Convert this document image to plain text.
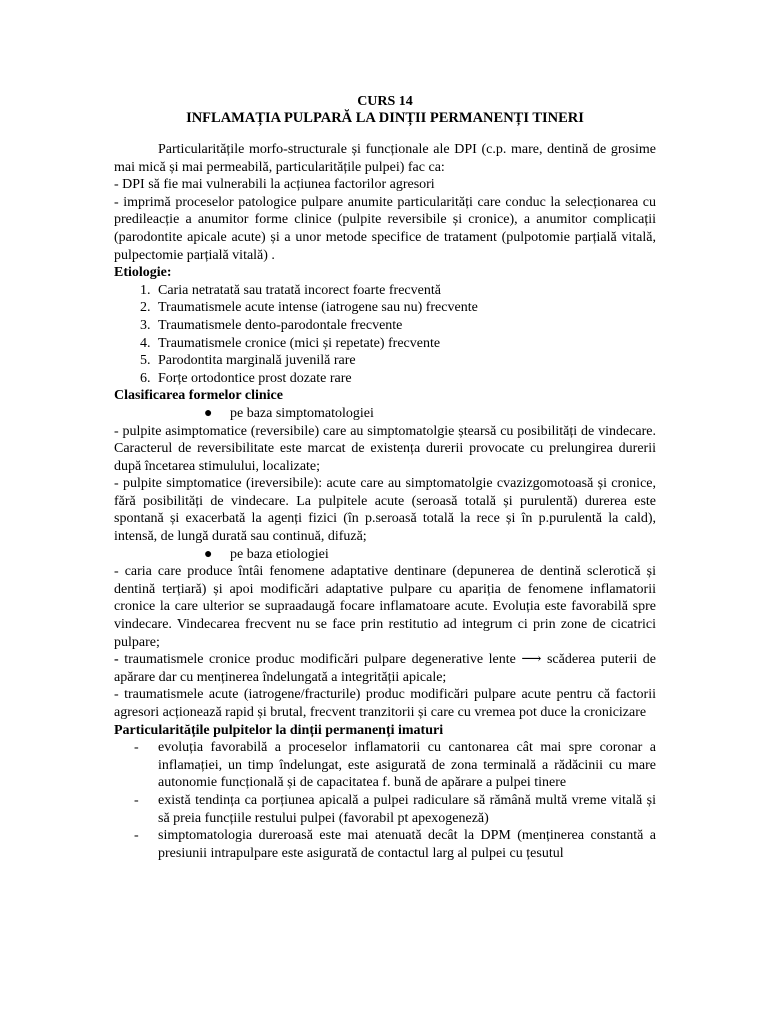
CURS 14
INFLAMAȚIA PULPARĂ LA DINȚII PERMANENȚI TINERI
Particularitățile morfo-structurale și funcționale ale DPI (c.p. mare, dentină de grosime mai mică și mai permeabilă, particularitățile pulpei) fac ca:
- DPI să fie mai vulnerabili la acțiunea factorilor agresori
- imprimă proceselor patologice pulpare anumite particularități care conduc la selecționarea cu predileacție a anumitor forme clinice (pulpite reversibile și cronice), a anumitor complicații (parodontite apicale acute) și a unor metode specifice de tratament (pulpotomie parțială vitală, pulpectomie parțială vitală) .
Etiologie:
1. Caria netratată sau tratată incorect foarte frecventă
2. Traumatismele acute intense (iatrogene sau nu) frecvente
3. Traumatismele dento-parodontale frecvente
4. Traumatismele cronice (mici și repetate) frecvente
5. Parodontita marginală juvenilă rare
6. Forțe ortodontice prost dozate rare
Clasificarea formelor clinice
● pe baza simptomatologiei
- pulpite asimptomatice (reversibile) care au simptomatolgie ștearsă cu posibilități de vindecare. Caracterul de reversibilitate este marcat de existența durerii provocate cu prelungirea durerii după încetarea stimulului, localizate;
- pulpite simptomatice (ireversibile): acute care au simptomatolgie cvazizgomotoasă și cronice, fără posibilități de vindecare. La pulpitele acute (seroasă totală și purulentă) durerea este spontană și exacerbată la agenți fizici (în p.seroasă totală la rece și în p.purulentă la cald), intensă, de lungă durată sau continuă, difuză;
● pe baza etiologiei
- caria care produce întâi fenomene adaptative dentinare (depunerea de dentină sclerotică și dentină terțiară) și apoi modificări adaptative pulpare cu apariția de fenomene inflamatorii cronice la care ulterior se supraadaugă focare inflamatoare acute. Evoluția este favorabilă spre vindecare. Vindecarea frecvent nu se face prin restitutio ad integrum ci prin zone de cicatrici pulpare;
- traumatismele cronice produc modificări pulpare degenerative lente ⟶ scăderea puterii de apărare dar cu menținerea îndelungată a integrității apicale;
- traumatismele acute (iatrogene/fracturile) produc modificări pulpare acute pentru că factorii agresori acționează rapid și brutal, frecvent tranzitorii și care cu vremea pot duce la cronicizare
Particularitățile pulpitelor la dinții permanenți imaturi
- evoluția favorabilă a proceselor inflamatorii cu cantonarea cât mai spre coronar a inflamației, un timp îndelungat, este asigurată de zona terminală a rădăcinii cu mare autonomie funcțională și de capacitatea f. bună de apărare a pulpei tinere
- există tendința ca porțiunea apicală a pulpei radiculare să rămână multă vreme vitală și să preia funcțiile restului pulpei (favorabil pt apexogeneză)
- simptomatologia dureroasă este mai atenuată decât la DPM (menținerea constantă a presiunii intrapulpare este asigurată de contactul larg al pulpei cu țesutul
